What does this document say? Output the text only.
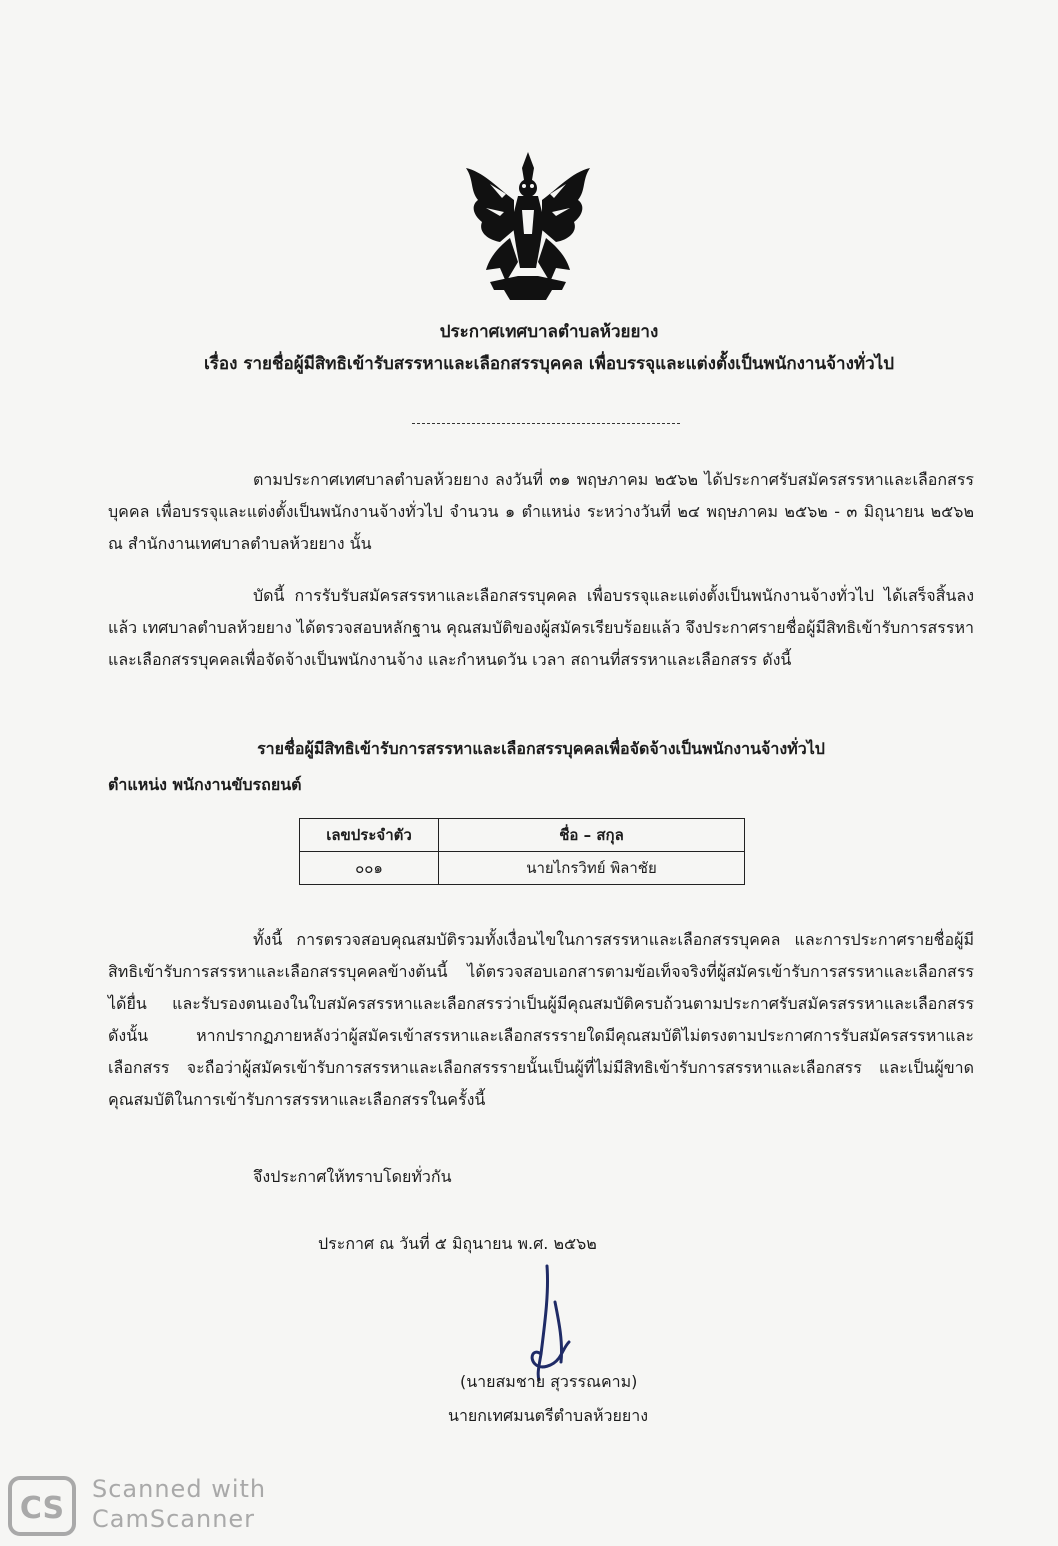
ประกาศเทศบาลตำบลห้วยยาง
เรื่อง รายชื่อผู้มีสิทธิเข้ารับสรรหาและเลือกสรรบุคคล เพื่อบรรจุและแต่งตั้งเป็นพนักงานจ้างทั่วไป
ตามประกาศเทศบาลตำบลห้วยยาง ลงวันที่ ๓๑ พฤษภาคม ๒๕๖๒ ได้ประกาศรับสมัครสรรหาและเลือกสรรบุคคล เพื่อบรรจุและแต่งตั้งเป็นพนักงานจ้างทั่วไป จำนวน ๑ ตำแหน่ง ระหว่างวันที่ ๒๔ พฤษภาคม ๒๕๖๒ - ๓ มิถุนายน ๒๕๖๒ ณ สำนักงานเทศบาลตำบลห้วยยาง นั้น
บัดนี้ การรับรับสมัครสรรหาและเลือกสรรบุคคล เพื่อบรรจุและแต่งตั้งเป็นพนักงานจ้างทั่วไป ได้เสร็จสิ้นลงแล้ว เทศบาลตำบลห้วยยาง ได้ตรวจสอบหลักฐาน คุณสมบัติของผู้สมัครเรียบร้อยแล้ว จึงประกาศรายชื่อผู้มีสิทธิเข้ารับการสรรหาและเลือกสรรบุคคลเพื่อจัดจ้างเป็นพนักงานจ้าง และกำหนดวัน เวลา สถานที่สรรหาและเลือกสรร ดังนี้
รายชื่อผู้มีสิทธิเข้ารับการสรรหาและเลือกสรรบุคคลเพื่อจัดจ้างเป็นพนักงานจ้างทั่วไป
ตำแหน่ง พนักงานขับรถยนต์
เลขประจำตัว	ชื่อ – สกุล
๐๐๑	นายไกรวิทย์ พิลาชัย
ทั้งนี้ การตรวจสอบคุณสมบัติรวมทั้งเงื่อนไขในการสรรหาและเลือกสรรบุคคล และการประกาศรายชื่อผู้มีสิทธิเข้ารับการสรรหาและเลือกสรรบุคคลข้างต้นนี้ ได้ตรวจสอบเอกสารตามข้อเท็จจริงที่ผู้สมัครเข้ารับการสรรหาและเลือกสรรได้ยื่น และรับรองตนเองในใบสมัครสรรหาและเลือกสรรว่าเป็นผู้มีคุณสมบัติครบถ้วนตามประกาศรับสมัครสรรหาและเลือกสรร ดังนั้น หากปรากฏภายหลังว่าผู้สมัครเข้าสรรหาและเลือกสรรรายใดมีคุณสมบัติไม่ตรงตามประกาศการรับสมัครสรรหาและเลือกสรร จะถือว่าผู้สมัครเข้ารับการสรรหาและเลือกสรรรายนั้นเป็นผู้ที่ไม่มีสิทธิเข้ารับการสรรหาและเลือกสรร และเป็นผู้ขาดคุณสมบัติในการเข้ารับการสรรหาและเลือกสรรในครั้งนี้
จึงประกาศให้ทราบโดยทั่วกัน
ประกาศ ณ วันที่ ๕ มิถุนายน พ.ศ. ๒๕๖๒
(นายสมชาย สุวรรณคาม)
นายกเทศมนตรีตำบลห้วยยาง
CS
Scanned with
CamScanner
